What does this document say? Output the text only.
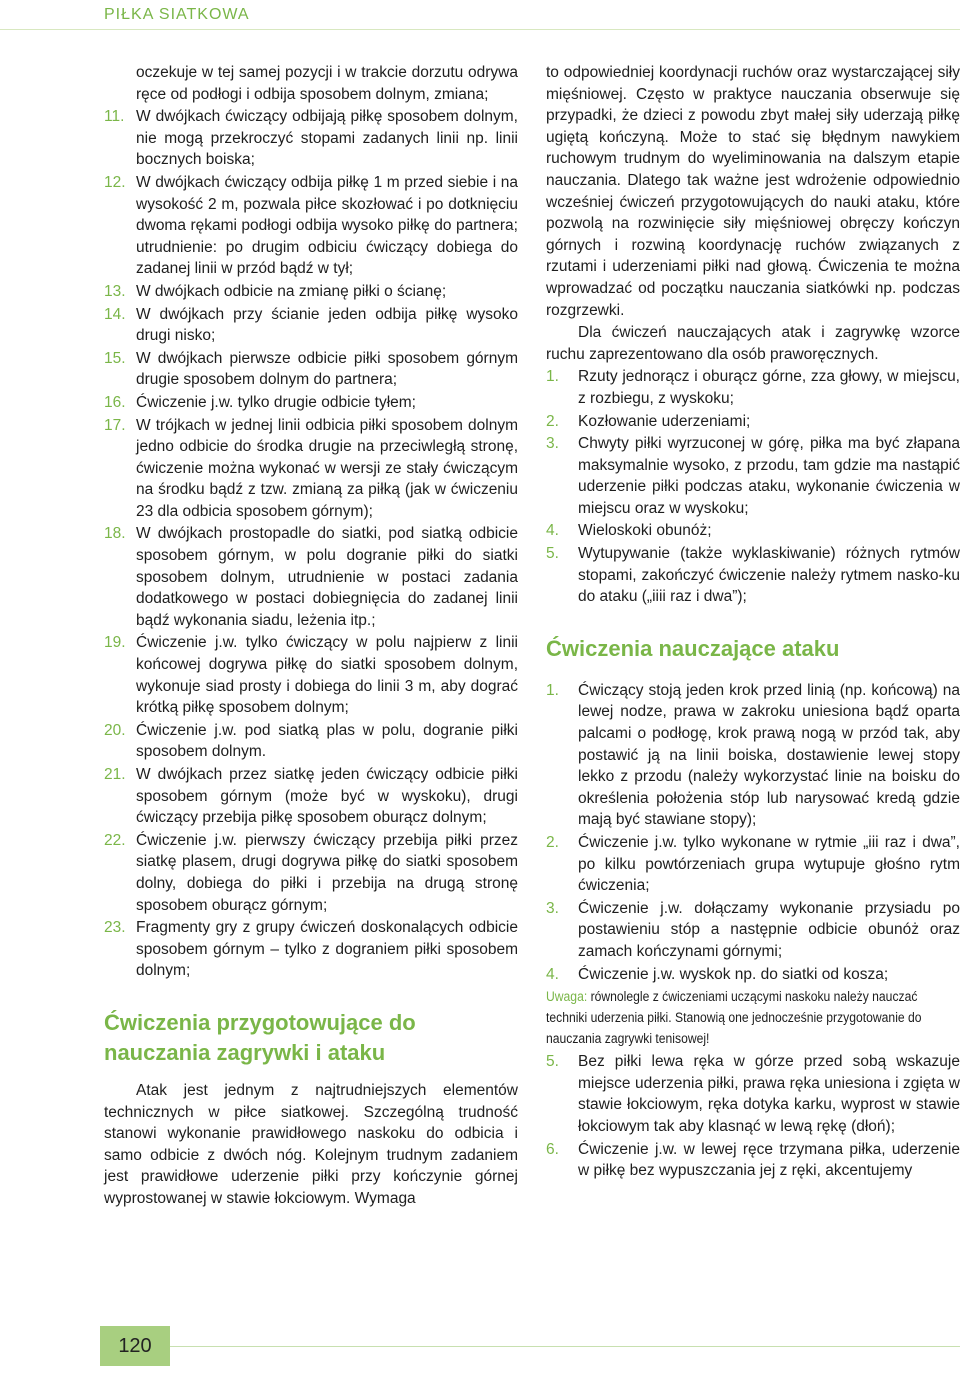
PIŁKA SIATKOWA
oczekuje w tej samej pozycji i w trakcie dorzutu odrywa ręce od podłogi i odbija sposobem dolnym, zmiana;
11. W dwójkach ćwiczący odbijają piłkę sposobem dolnym, nie mogą przekroczyć stopami zadanych linii np. linii bocznych boiska;
12. W dwójkach ćwiczący odbija piłkę 1 m przed siebie i na wysokość 2 m, pozwala piłce skozłować i po dotknięciu dwoma rękami podłogi odbija wysoko piłkę do partnera; utrudnienie: po drugim odbiciu ćwiczący dobiega do zadanej linii w przód bądź w tył;
13. W dwójkach odbicie na zmianę piłki o ścianę;
14. W dwójkach przy ścianie jeden odbija piłkę wysoko drugi nisko;
15. W dwójkach pierwsze odbicie piłki sposobem górnym drugie sposobem dolnym do partnera;
16. Ćwiczenie j.w. tylko drugie odbicie tyłem;
17. W trójkach w jednej linii odbicia piłki sposobem dolnym jedno odbicie do środka drugie na przeciwległą stronę, ćwiczenie można wykonać w wersji ze stały ćwiczącym na środku bądź z tzw. zmianą za piłką (jak w ćwiczeniu 23 dla odbicia sposobem górnym);
18. W dwójkach prostopadle do siatki, pod siatką odbicie sposobem górnym, w polu dogranie piłki do siatki sposobem dolnym, utrudnienie w postaci zadania dodatkowego w postaci dobiegnięcia do zadanej linii bądź wykonania siadu, leżenia itp.;
19. Ćwiczenie j.w. tylko ćwiczący w polu najpierw z linii końcowej dogrywa piłkę do siatki sposobem dolnym, wykonuje siad prosty i dobiega do linii 3 m, aby dograć krótką piłkę sposobem dolnym;
20. Ćwiczenie j.w. pod siatką plas w polu, dogranie piłki sposobem dolnym.
21. W dwójkach przez siatkę jeden ćwiczący odbicie piłki sposobem górnym (może być w wyskoku), drugi ćwiczący przebija piłkę sposobem oburącz dolnym;
22. Ćwiczenie j.w. pierwszy ćwiczący przebija piłki przez siatkę plasem, drugi dogrywa piłkę do siatki sposobem dolny, dobiega do piłki i przebija na drugą stronę sposobem oburącz górnym;
23. Fragmenty gry z grupy ćwiczeń doskonalących odbicie sposobem górnym – tylko z dograniem piłki sposobem dolnym;
Ćwiczenia przygotowujące do nauczania zagrywki i ataku
Atak jest jednym z najtrudniejszych elementów technicznych w piłce siatkowej. Szczególną trudność stanowi wykonanie prawidłowego naskoku do odbicia i samo odbicie z dwóch nóg. Kolejnym trudnym zadaniem jest prawidłowe uderzenie piłki przy kończynie górnej wyprostowanej w stawie łokciowym. Wymaga
to odpowiedniej koordynacji ruchów oraz wystarczającej siły mięśniowej. Często w praktyce nauczania obserwuje się przypadki, że dzieci z powodu zbyt małej siły uderzają piłkę ugiętą kończyną. Może to stać się błędnym nawykiem ruchowym trudnym do wyeliminowania na dalszym etapie nauczania. Dlatego tak ważne jest wdrożenie odpowiednio wcześniej ćwiczeń przygotowujących do nauki ataku, które pozwolą na rozwinięcie siły mięśniowej obręczy kończyn górnych i rozwiną koordynację ruchów związanych z rzutami i uderzeniami piłki nad głową. Ćwiczenia te można wprowadzać od początku nauczania siatkówki np. podczas rozgrzewki.
Dla ćwiczeń nauczających atak i zagrywkę wzorce ruchu zaprezentowano dla osób praworęcznych.
1.	Rzuty jednorącz i oburącz górne, zza głowy, w miejscu, z rozbiegu, z wyskoku;
2.	Kozłowanie uderzeniami;
3.	Chwyty piłki wyrzuconej w górę, piłka ma być złapana maksymalnie wysoko, z przodu, tam gdzie ma nastąpić uderzenie piłki podczas ataku, wykonanie ćwiczenia w miejscu oraz w wyskoku;
4.	Wieloskoki obunóż;
5.	Wytupywanie (także wyklaskiwanie) różnych rytmów stopami, zakończyć ćwiczenie należy rytmem nasko-ku do ataku („iiii raz i dwa”);
Ćwiczenia nauczające ataku
1.	Ćwiczący stoją jeden krok przed linią (np. końcową) na lewej nodze, prawa w zakroku uniesiona bądź oparta palcami o podłogę, krok prawą nogą w przód tak, aby postawić ją na linii boiska, dostawienie lewej stopy lekko z przodu (należy wykorzystać linie na boisku do określenia położenia stóp lub narysować kredą gdzie mają być stawiane stopy);
2.	Ćwiczenie j.w. tylko wykonane w rytmie „iii raz i dwa”, po kilku powtórzeniach grupa wytupuje głośno rytm ćwiczenia;
3.	Ćwiczenie j.w. dołączamy wykonanie przysiadu po postawieniu stóp a następnie odbicie obunóż oraz zamach kończynami górnymi;
4.	Ćwiczenie j.w. wyskok np. do siatki od kosza;
Uwaga: równolegle z ćwiczeniami uczącymi naskoku należy nauczać techniki uderzenia piłki. Stanowią one jednocześnie przygotowanie do nauczania zagrywki tenisowej!
5.	Bez piłki lewa ręka w górze przed sobą wskazuje miejsce uderzenia piłki, prawa ręka uniesiona i zgięta w stawie łokciowym, ręka dotyka karku, wyprost w stawie łokciowym tak aby klasnąć w lewą rękę (dłoń);
6.	Ćwiczenie j.w. w lewej ręce trzymana piłka, uderzenie w piłkę bez wypuszczania jej z ręki, akcentujemy
120
